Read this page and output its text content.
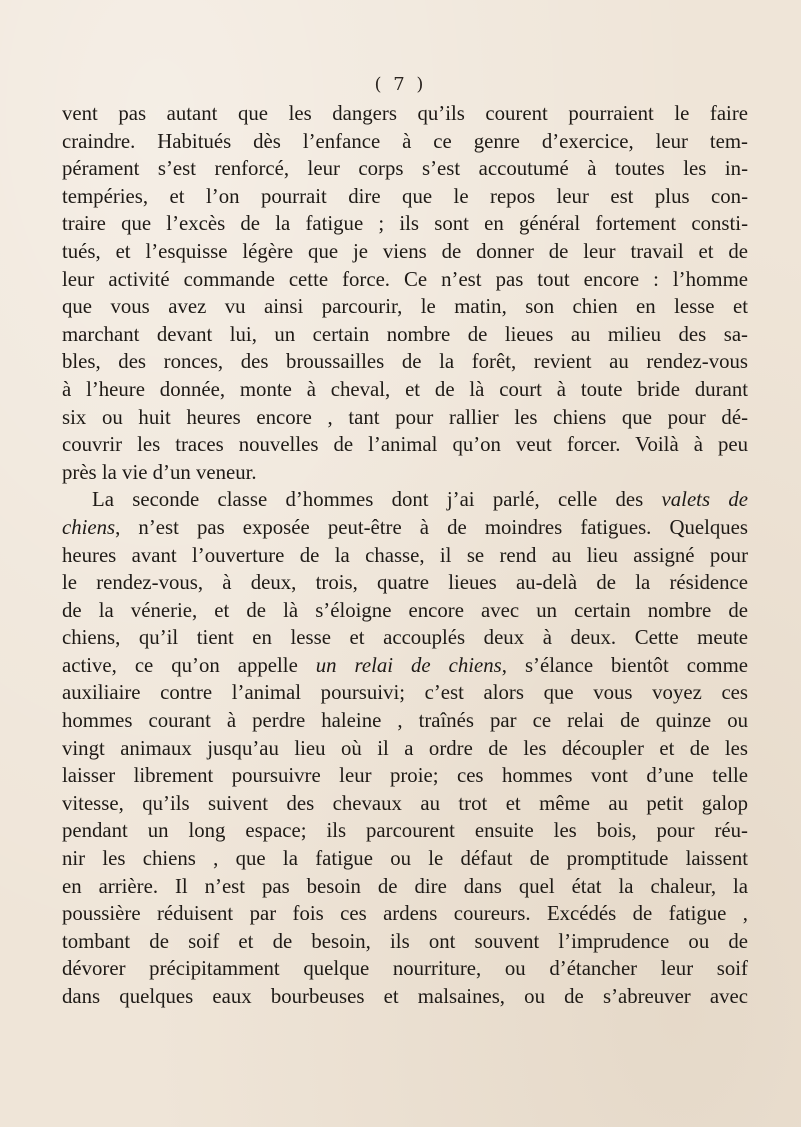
( 7 )
vent pas autant que les dangers qu’ils courent pourraient le faire
craindre. Habitués dès l’enfance à ce genre d’exercice, leur tem-
pérament s’est renforcé, leur corps s’est accoutumé à toutes les in-
tempéries, et l’on pourrait dire que le repos leur est plus con-
traire que l’excès de la fatigue ; ils sont en général fortement consti-
tués, et l’esquisse légère que je viens de donner de leur travail et de
leur activité commande cette force. Ce n’est pas tout encore : l’homme
que vous avez vu ainsi parcourir, le matin, son chien en lesse et
marchant devant lui, un certain nombre de lieues au milieu des sa-
bles, des ronces, des broussailles de la forêt, revient au rendez-vous
à l’heure donnée, monte à cheval, et de là court à toute bride durant
six ou huit heures encore , tant pour rallier les chiens que pour dé-
couvrir les traces nouvelles de l’animal qu’on veut forcer. Voilà à peu
près la vie d’un veneur.
La seconde classe d’hommes dont j’ai parlé, celle des valets de
chiens, n’est pas exposée peut-être à de moindres fatigues. Quelques
heures avant l’ouverture de la chasse, il se rend au lieu assigné pour
le rendez-vous, à deux, trois, quatre lieues au-delà de la résidence
de la vénerie, et de là s’éloigne encore avec un certain nombre de
chiens, qu’il tient en lesse et accouplés deux à deux. Cette meute
active, ce qu’on appelle un relai de chiens, s’élance bientôt comme
auxiliaire contre l’animal poursuivi; c’est alors que vous voyez ces
hommes courant à perdre haleine , traînés par ce relai de quinze ou
vingt animaux jusqu’au lieu où il a ordre de les découpler et de les
laisser librement poursuivre leur proie; ces hommes vont d’une telle
vitesse, qu’ils suivent des chevaux au trot et même au petit galop
pendant un long espace; ils parcourent ensuite les bois, pour réu-
nir les chiens , que la fatigue ou le défaut de promptitude laissent
en arrière. Il n’est pas besoin de dire dans quel état la chaleur, la
poussière réduisent par fois ces ardens coureurs. Excédés de fatigue ,
tombant de soif et de besoin, ils ont souvent l’imprudence ou de
dévorer précipitamment quelque nourriture, ou d’étancher leur soif
dans quelques eaux bourbeuses et malsaines, ou de s’abreuver avec
